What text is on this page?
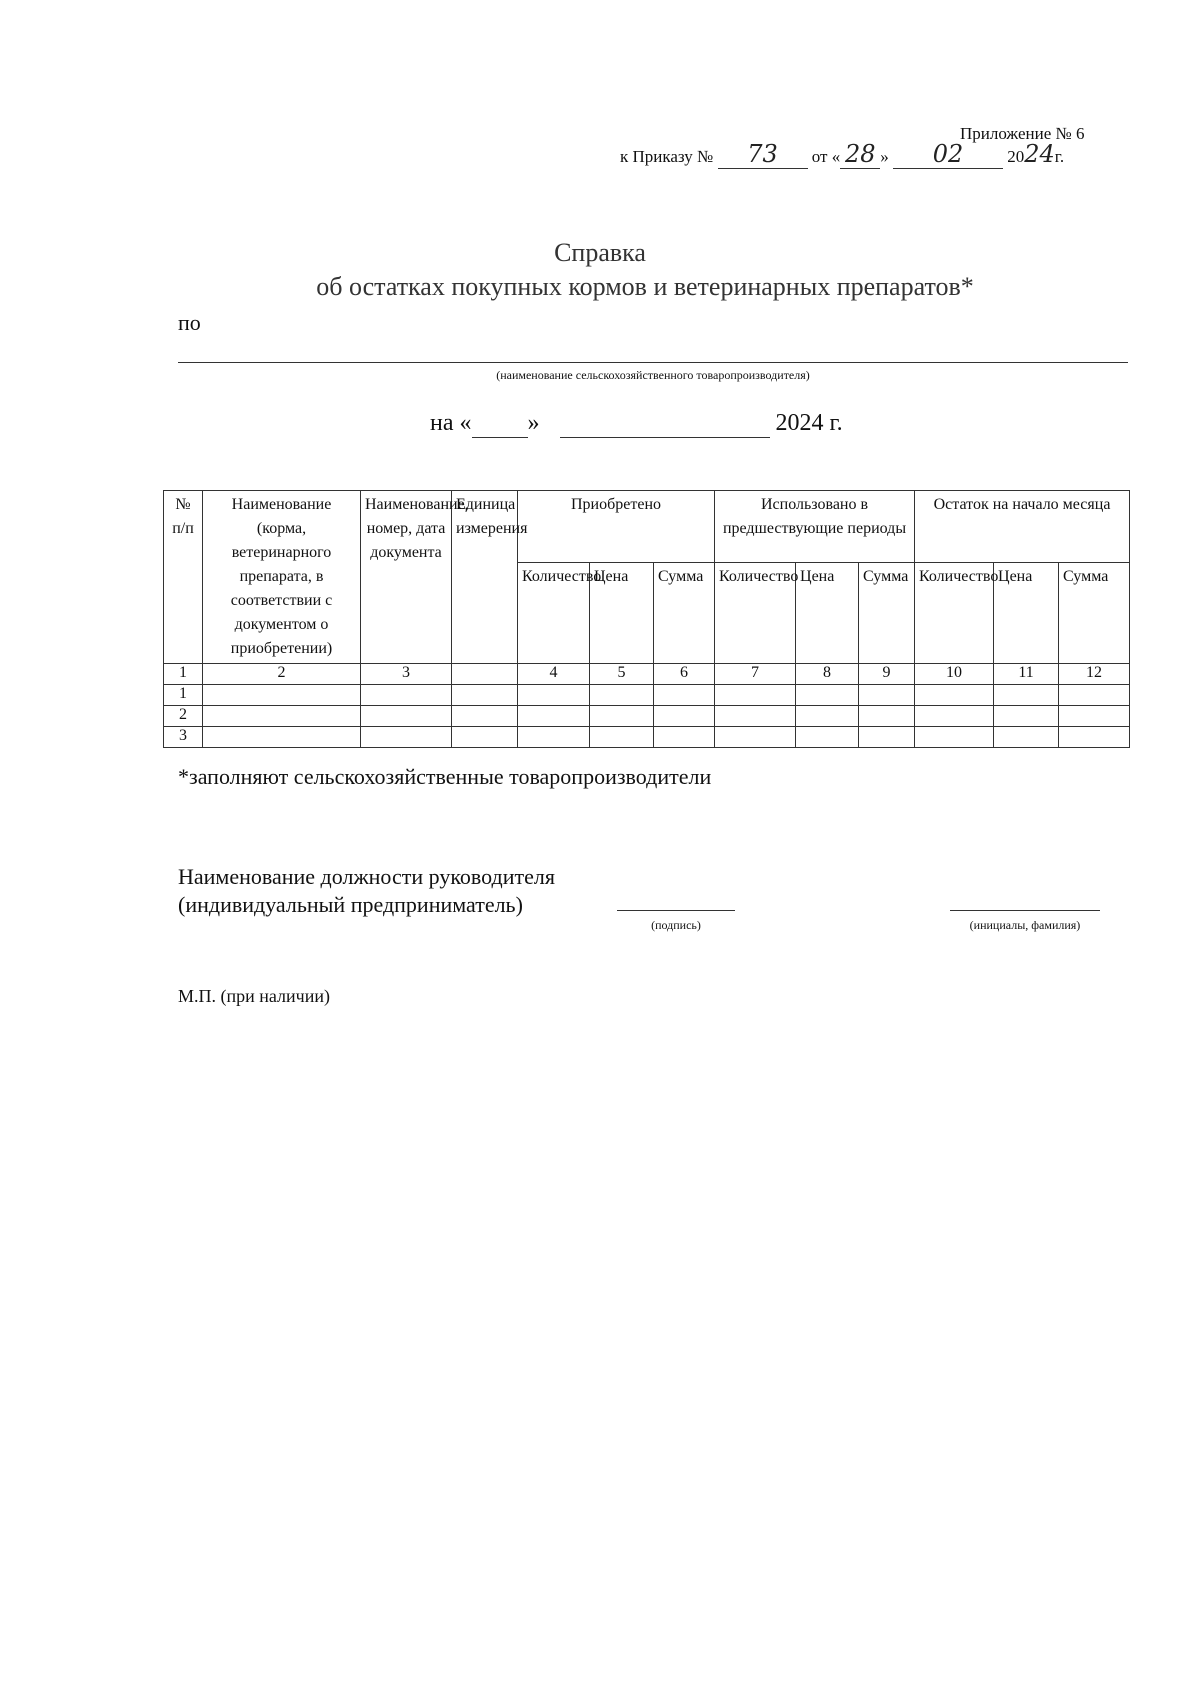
Приложение № 6
к Приказу № 73 от « 28 » 02	2024г.
Справка
об остатках покупных кормов и ветеринарных препаратов*
по
(наименование сельскохозяйственного товаропроизводителя)
на « »	2024 г.
№ п/п	Наименование (корма, ветеринарного препарата, в соответствии с документом о приобретении)	Наименование, номер, дата документа	Единица измерения	Приобретено			Использовано в предшествующие периоды			Остаток на начало месяца		
				Количество	Цена	Сумма	Количество	Цена	Сумма	Количество	Цена	Сумма
1	2	3		4	5	6	7	8	9	10	11	12
1												
2												
3												
*заполняют сельскохозяйственные товаропроизводители
Наименование должности руководителя
(индивидуальный предприниматель)
(подпись)	(инициалы, фамилия)
М.П. (при наличии)
